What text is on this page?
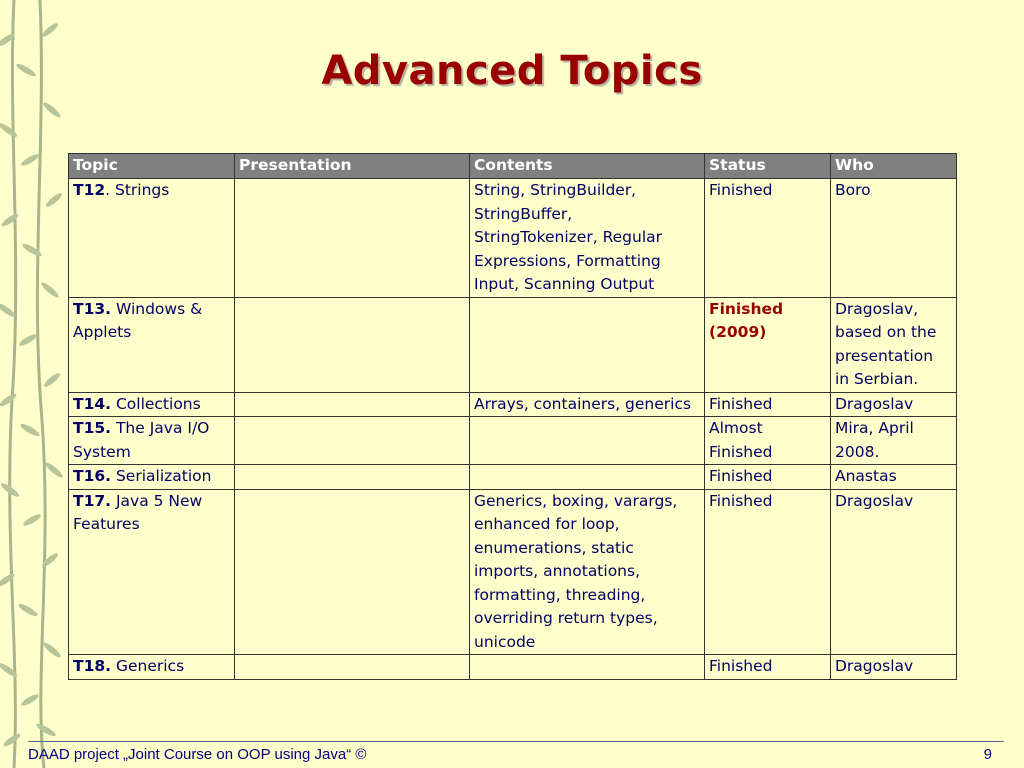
Advanced Topics
Topic	Presentation	Contents	Status	Who
T12. Strings		String, StringBuilder, StringBuffer, StringTokenizer, Regular Expressions, Formatting Input, Scanning Output	Finished	Boro
T13. Windows & Applets			Finished (2009)	Dragoslav, based on the presentation in Serbian.
T14. Collections		Arrays, containers, generics	Finished	Dragoslav
T15. The Java I/O System			Almost Finished	Mira, April 2008.
T16. Serialization			Finished	Anastas
T17. Java 5 New Features		Generics, boxing, varargs, enhanced for loop, enumerations, static imports, annotations, formatting, threading, overriding return types, unicode	Finished	Dragoslav
T18. Generics			Finished	Dragoslav
DAAD project „Joint Course on OOP using Java“ ©	9
